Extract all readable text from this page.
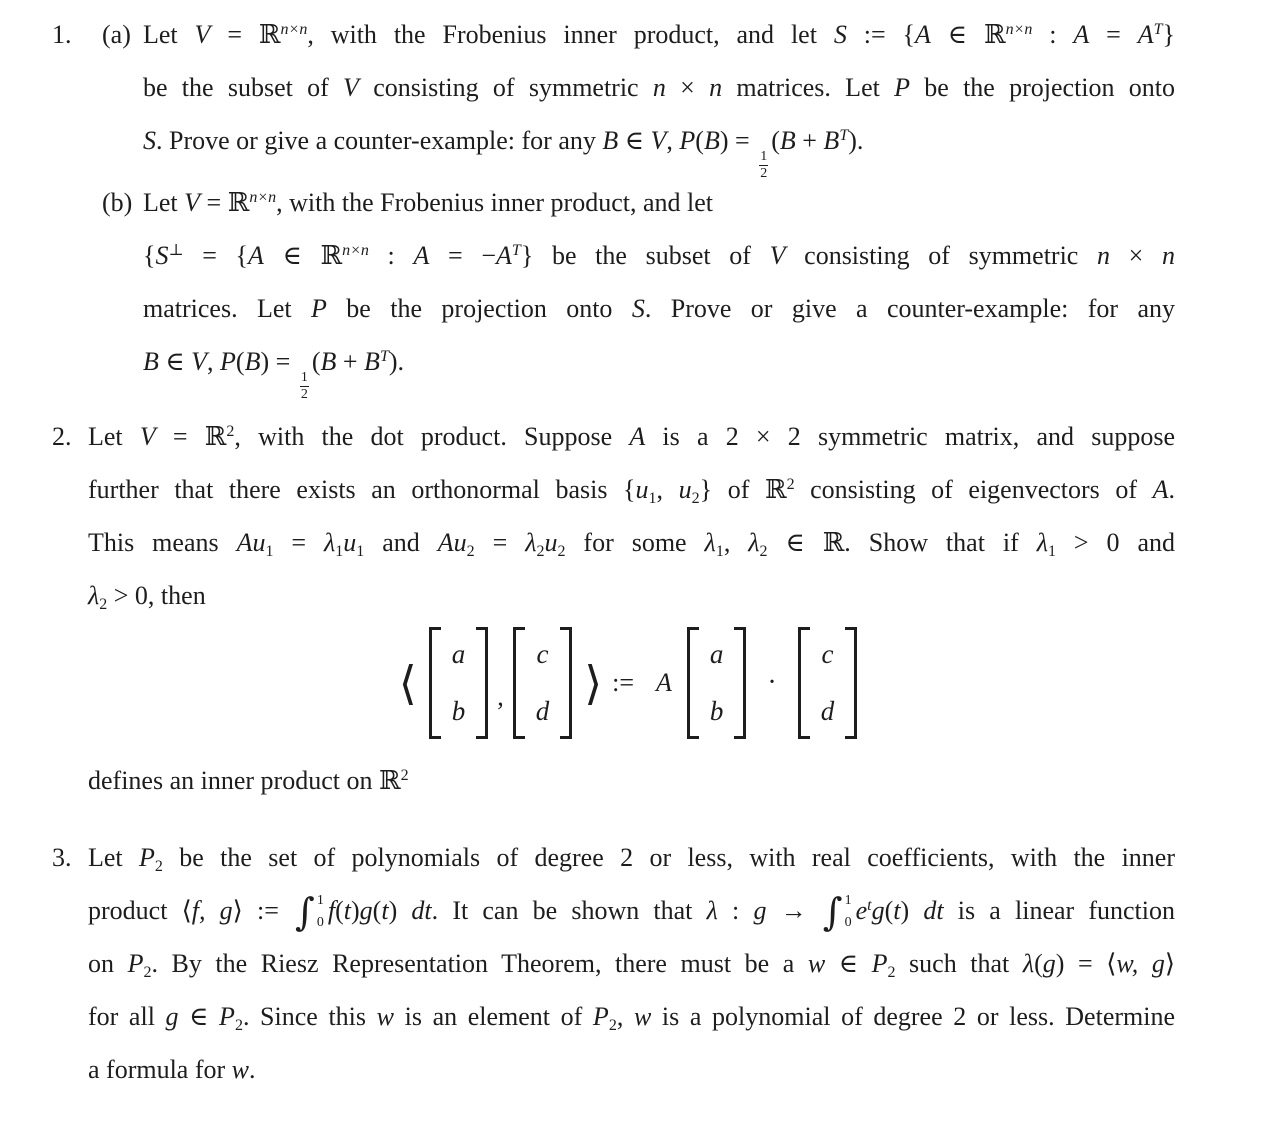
1. (a) Let V = ℝ$^{n\times n}$, with the Frobenius inner product, and let S := {A ∈ ℝ$^{n\times n}$ : $A = A^T$}
be the subset of V consisting of symmetric n × n matrices. Let P be the projection onto
S. Prove or give a counter-example: for any B ∈ V, P(B) =
$\frac{1}{2}$
$(B + B^T)$.
(b) Let V = ℝ$^{n\times n}$, with the Frobenius inner product, and let
{S⊥ = {A ∈ ℝ$^{n\times n}$ : $A = -A^T$} be the subset of V consisting of symmetric n × n
matrices. Let P be the projection onto S. Prove or give a counter-example: for any
B ∈ V, P(B) =
$\frac{1}{2}$
$(B + B^T)$.
2. Let V = ℝ$^2$, with the dot product. Suppose A is a 2 × 2 symmetric matrix, and suppose
further that there exists an orthonormal basis {u1, u2} of ℝ$^2$ consisting of eigenvectors of A.
This means Au1 = λ1u1 and Au2 = λ2u2 for some λ1, λ2 ∈ ℝ. Show that if λ1 > 0 and
λ2 > 0, then
⟨
a
b ,
c
d
⟩ := A
a
b
·
c
d
defines an inner product on ℝ$^2$
3. Let P2 be the set of polynomials of degree 2 or less, with real coefficients, with the inner
product ⟨f, g⟩ := ∫ 1
0 f(t)g(t) dt. It can be shown that λ : g → ∫ 1
0 $e^tg(t)$ dt is a linear function
on P2. By the Riesz Representation Theorem, there must be a w ∈ P2 such that λ(g) = ⟨w, g⟩
for all g ∈ P2. Since this w is an element of P2, w is a polynomial of degree 2 or less. Determine
a formula for w.
